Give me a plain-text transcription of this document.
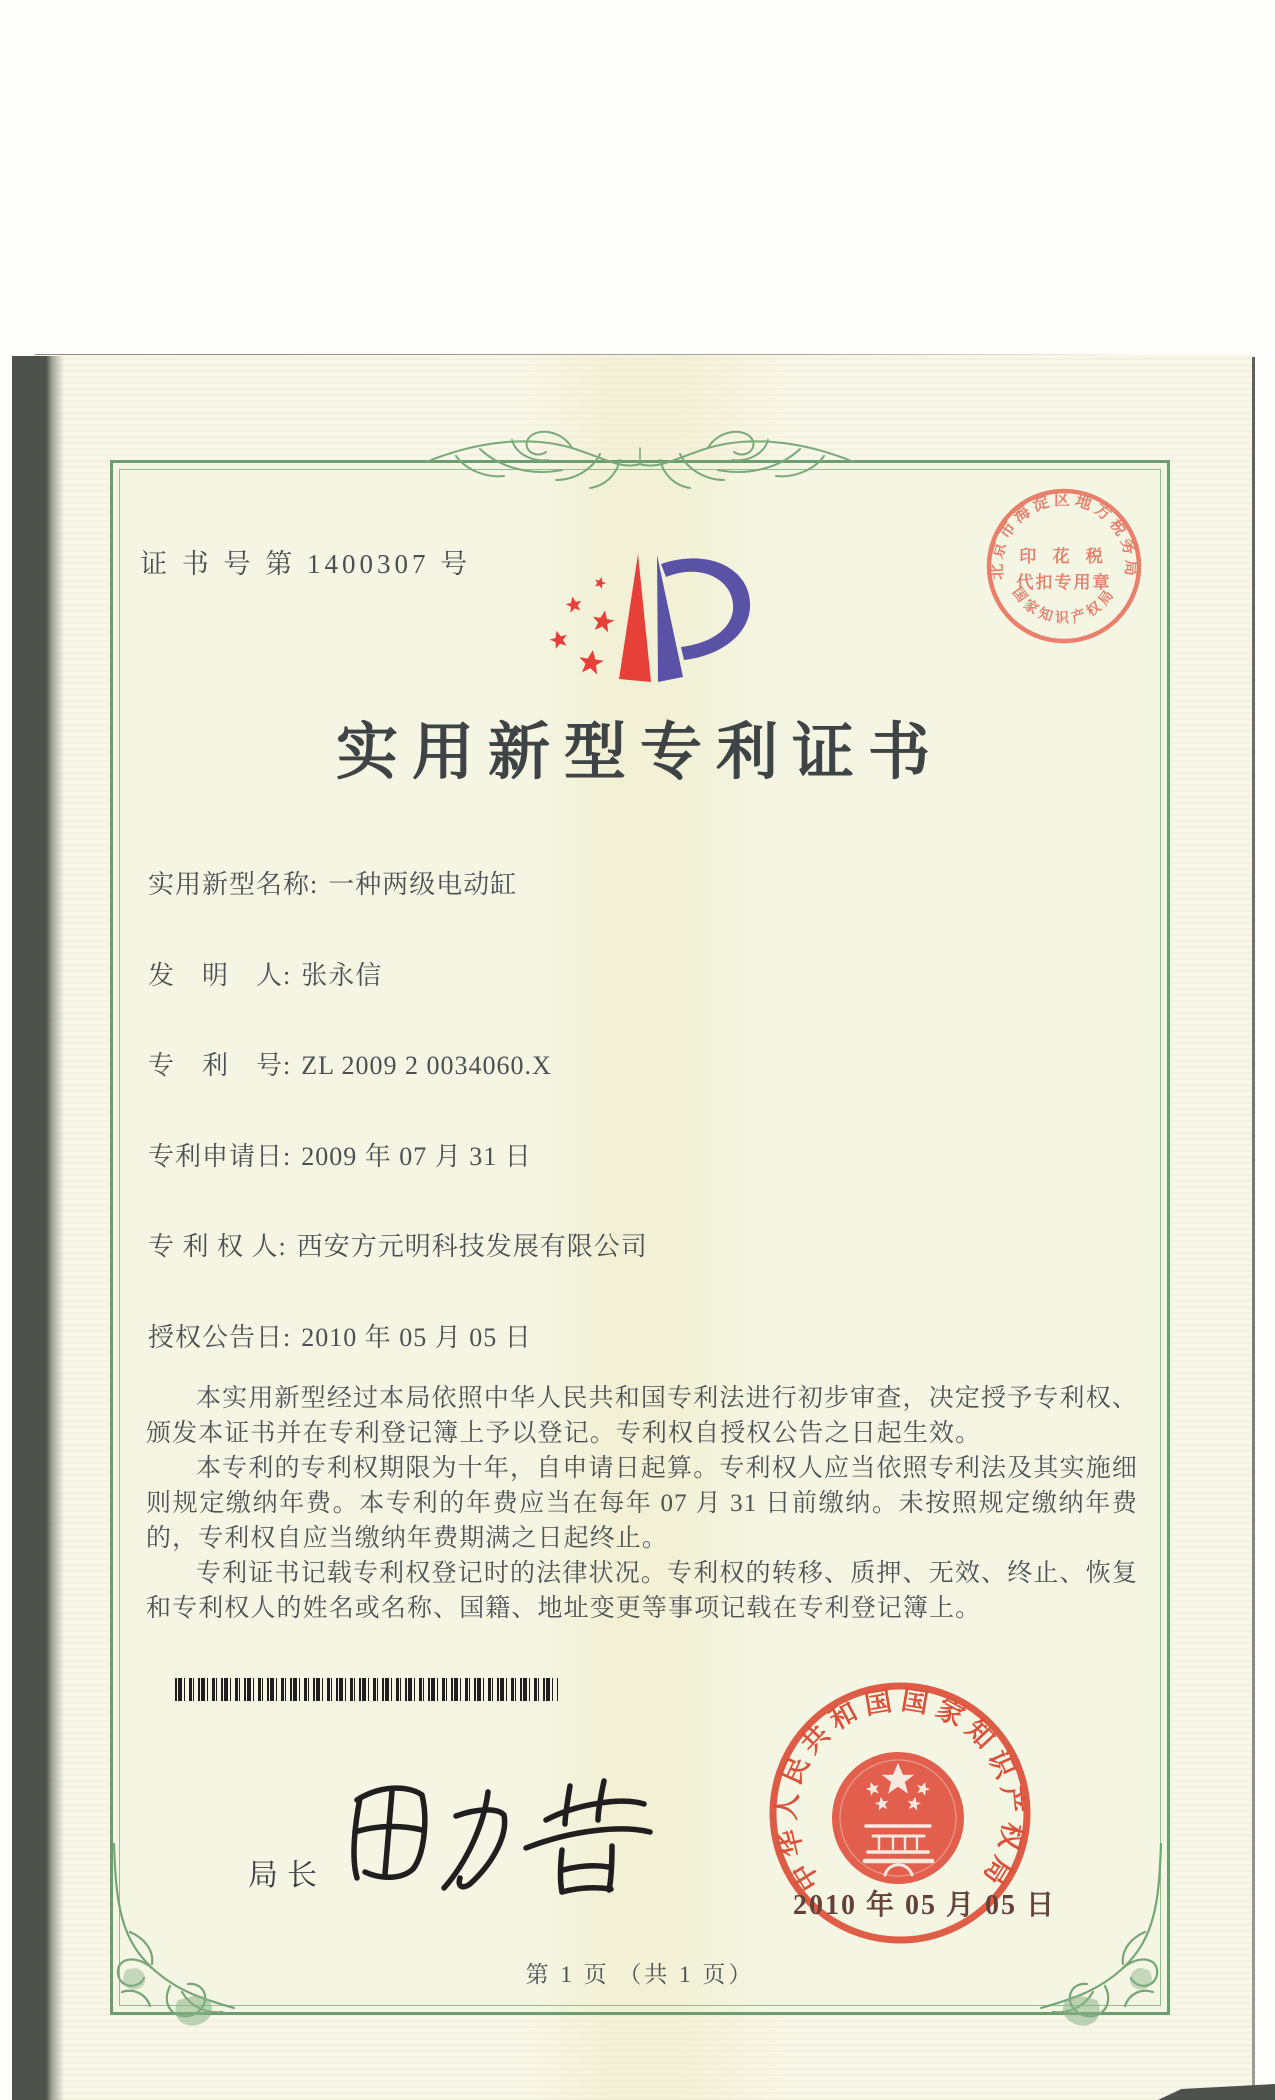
证 书 号 第 1400307 号
实用新型专利证书
实用新型名称: 一种两级电动缸
发　明　人: 张永信
专　利　号: ZL 2009 2 0034060.X
专利申请日: 2009 年 07 月 31 日
专 利 权 人: 西安方元明科技发展有限公司
授权公告日: 2010 年 05 月 05 日

本实用新型经过本局依照中华人民共和国专利法进行初步审查，决定授予专利权、颁发本证书并在专利登记簿上予以登记。专利权自授权公告之日起生效。

本专利的专利权期限为十年，自申请日起算。专利权人应当依照专利法及其实施细则规定缴纳年费。本专利的年费应当在每年 07 月 31 日前缴纳。未按照规定缴纳年费的，专利权自应当缴纳年费期满之日起终止。

专利证书记载专利权登记时的法律状况。专利权的转移、质押、无效、终止、恢复和专利权人的姓名或名称、国籍、地址变更等事项记载在专利登记簿上。

局长	中华人民共和国国家知识产权局
2010 年 05 月 05 日
北京市海淀区地方税务局
国家知识产权局
印 花 税
代扣专用章
第 1 页 （共 1 页）
